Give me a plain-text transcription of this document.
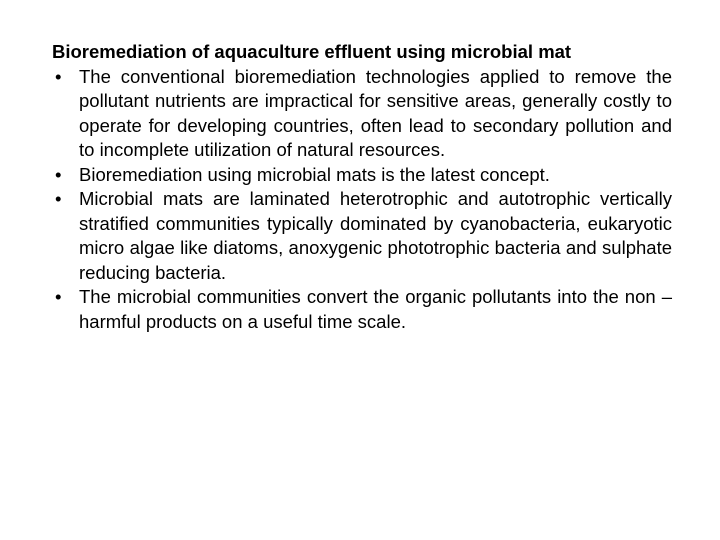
Bioremediation of aquaculture effluent using microbial mat
• The conventional bioremediation technologies applied to remove the pollutant nutrients are impractical for sensitive areas, generally costly to operate for developing countries, often lead to secondary pollution and to incomplete utilization of natural resources.
• Bioremediation using microbial mats is the latest concept.
• Microbial mats are laminated heterotrophic and autotrophic vertically stratified communities typically dominated by cyanobacteria, eukaryotic micro algae like diatoms, anoxygenic phototrophic bacteria and sulphate reducing bacteria.
• The microbial communities convert the organic pollutants into the non – harmful products on a useful time scale.
